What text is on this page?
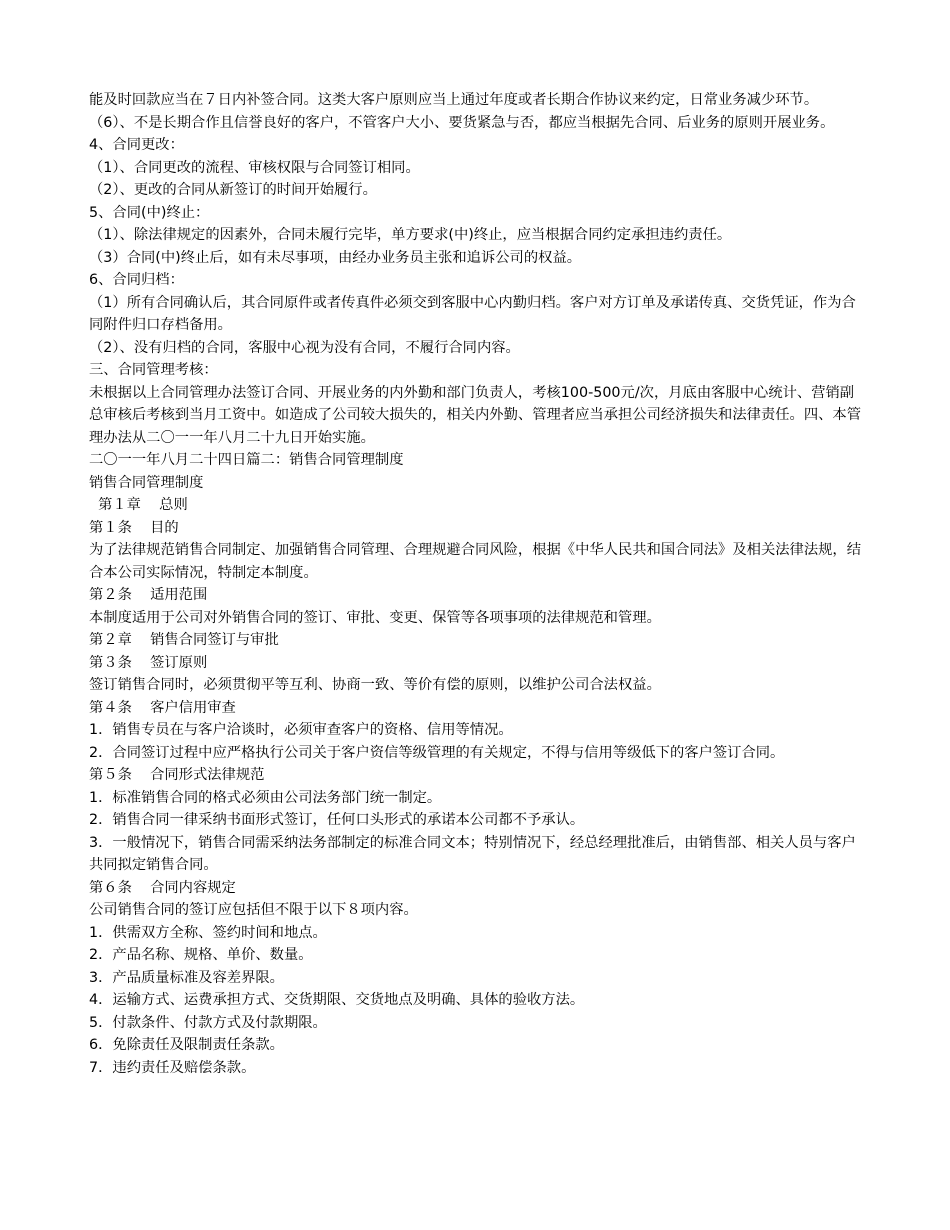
能及时回款应当在７日内补签合同。这类大客户原则应当上通过年度或者长期合作协议来约定，日常业务减少环节。

（6）、不是长期合作且信誉良好的客户，不管客户大小、要货紧急与否，都应当根据先合同、后业务的原则开展业务。

4、合同更改：

（1）、合同更改的流程、审核权限与合同签订相同。

（2）、更改的合同从新签订的时间开始履行。

5、合同(中)终止：

（1）、除法律规定的因素外，合同未履行完毕，单方要求(中)终止，应当根据合同约定承担违约责任。

（3）合同(中)终止后，如有未尽事项，由经办业务员主张和追诉公司的权益。

6、合同归档：

（1）所有合同确认后，其合同原件或者传真件必须交到客服中心内勤归档。客户对方订单及承诺传真、交货凭证，作为合同附件归口存档备用。

（2）、没有归档的合同，客服中心视为没有合同，不履行合同内容。

三、合同管理考核：

未根据以上合同管理办法签订合同、开展业务的内外勤和部门负责人，考核100-500元/次，月底由客服中心统计、营销副总审核后考核到当月工资中。如造成了公司较大损失的，相关内外勤、管理者应当承担公司经济损失和法律责任。四、本管理办法从二〇一一年八月二十九日开始实施。

二〇一一年八月二十四日篇二：销售合同管理制度

销售合同管理制度

第１章    总则

第１条    目的

为了法律规范销售合同制定、加强销售合同管理、合理规避合同风险，根据《中华人民共和国合同法》及相关法律法规，结合本公司实际情况，特制定本制度。

第２条    适用范围

本制度适用于公司对外销售合同的签订、审批、变更、保管等各项事项的法律规范和管理。

第２章    销售合同签订与审批

第３条    签订原则

签订销售合同时，必须贯彻平等互利、协商一致、等价有偿的原则，以维护公司合法权益。

第４条    客户信用审查

1．销售专员在与客户洽谈时，必须审查客户的资格、信用等情况。

2．合同签订过程中应严格执行公司关于客户资信等级管理的有关规定，不得与信用等级低下的客户签订合同。

第５条    合同形式法律规范

1．标准销售合同的格式必须由公司法务部门统一制定。

2．销售合同一律采纳书面形式签订，任何口头形式的承诺本公司都不予承认。

3．一般情况下，销售合同需采纳法务部制定的标准合同文本；特别情况下，经总经理批准后，由销售部、相关人员与客户共同拟定销售合同。

第６条    合同内容规定

公司销售合同的签订应包括但不限于以下８项内容。

1．供需双方全称、签约时间和地点。

2．产品名称、规格、单价、数量。

3．产品质量标准及容差界限。

4．运输方式、运费承担方式、交货期限、交货地点及明确、具体的验收方法。

5．付款条件、付款方式及付款期限。

6．免除责任及限制责任条款。

7．违约责任及赔偿条款。
